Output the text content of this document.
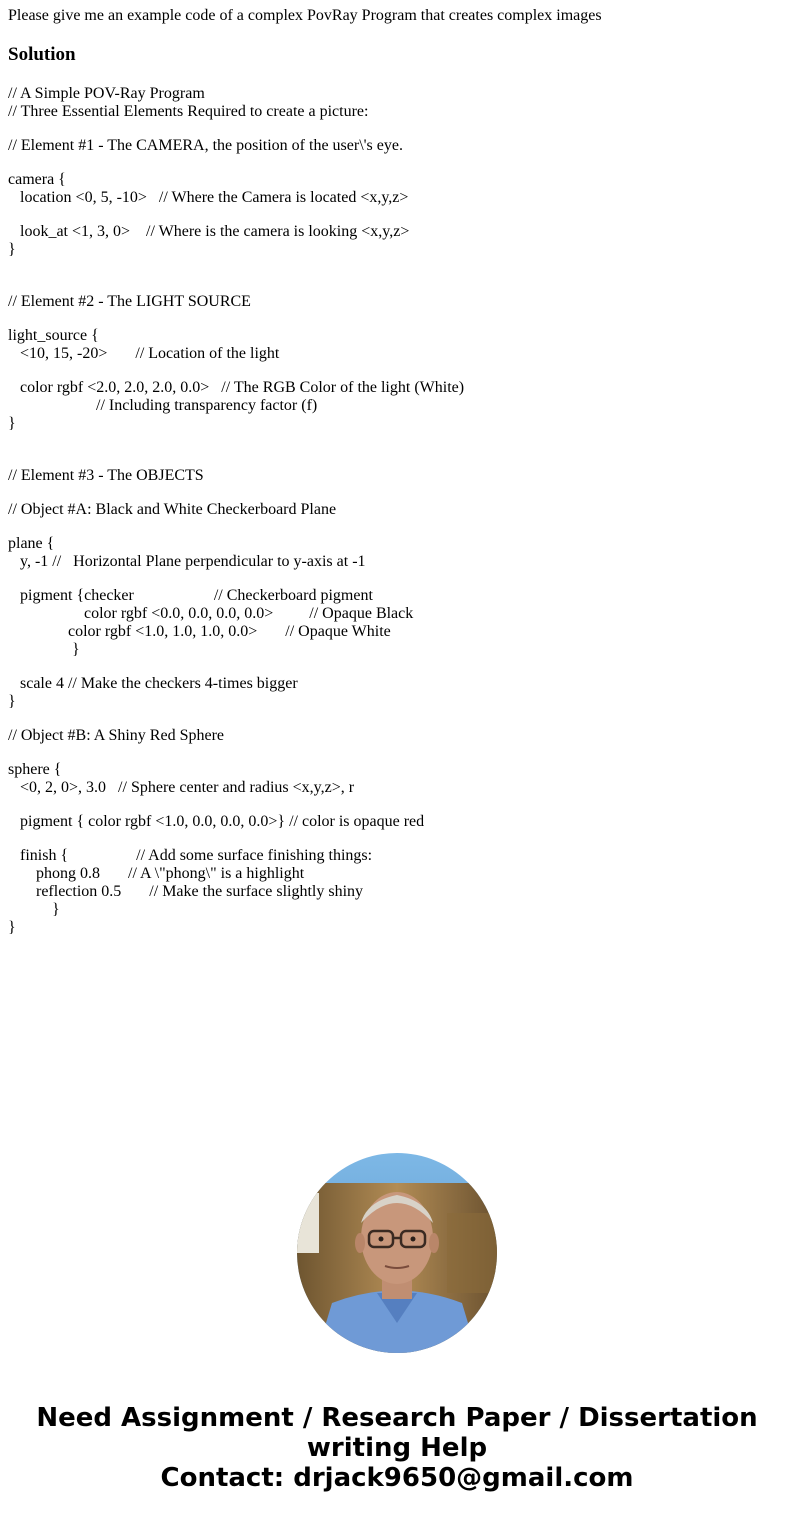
Please give me an example code of a complex PovRay Program that creates complex images
Solution
// A Simple POV-Ray Program
// Three Essential Elements Required to create a picture:
// Element #1 - The CAMERA, the position of the user\'s eye.
camera {
location <0, 5, -10>   // Where the Camera is located <x,y,z>
look_at <1, 3, 0>    // Where is the camera is looking <x,y,z>
}
// Element #2 - The LIGHT SOURCE
light_source {
<10, 15, -20>       // Location of the light
color rgbf <2.0, 2.0, 2.0, 0.0>   // The RGB Color of the light (White)
// Including transparency factor (f)
}
// Element #3 - The OBJECTS
// Object #A: Black and White Checkerboard Plane
plane {
y, -1 //   Horizontal Plane perpendicular to y-axis at -1
pigment {checker                    // Checkerboard pigment
color rgbf <0.0, 0.0, 0.0, 0.0>         // Opaque Black
color rgbf <1.0, 1.0, 1.0, 0.0>       // Opaque White
}
scale 4 // Make the checkers 4-times bigger
}
// Object #B: A Shiny Red Sphere
sphere {
<0, 2, 0>, 3.0   // Sphere center and radius <x,y,z>, r
pigment { color rgbf <1.0, 0.0, 0.0, 0.0>} // color is opaque red
finish {                 // Add some surface finishing things:
phong 0.8       // A \"phong\" is a highlight
reflection 0.5       // Make the surface slightly shiny
}
}
Need Assignment / Research Paper / Dissertation
writing Help
Contact: drjack9650@gmail.com
